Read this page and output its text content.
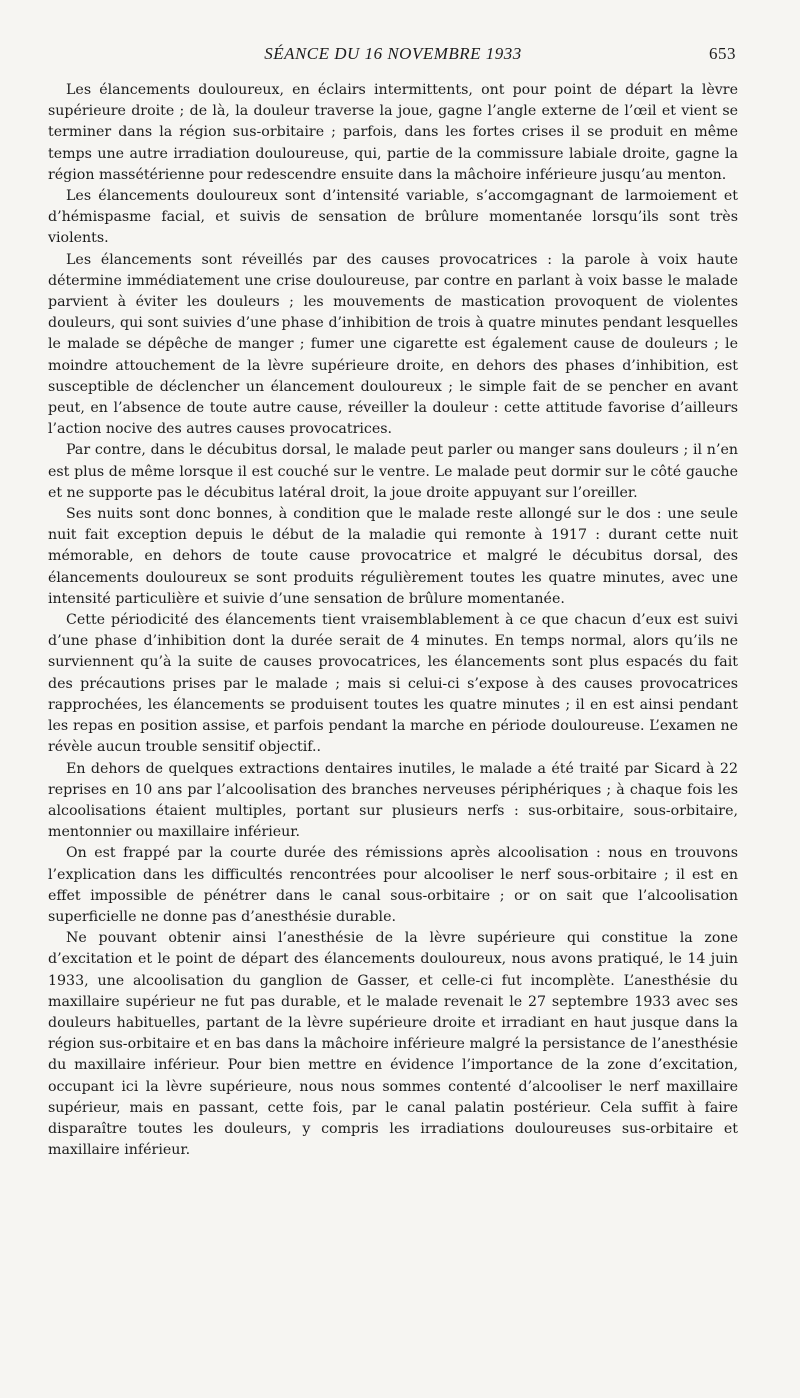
SÉANCE DU 16 NOVEMBRE 1933	653

Les élancements douloureux, en éclairs intermittents, ont pour point de départ la lèvre supérieure droite ; de là, la douleur traverse la joue, gagne l’angle externe de l’œil et vient se terminer dans la région sus-orbitaire ; parfois, dans les fortes crises il se produit en même temps une autre irradiation douloureuse, qui, partie de la commissure labiale droite, gagne la région massétérienne pour redescendre ensuite dans la mâchoire inférieure jusqu’au menton.

Les élancements douloureux sont d’intensité variable, s’accomgagnant de larmoiement et d’hémispasme facial, et suivis de sensation de brûlure momentanée lorsqu’ils sont très violents.

Les élancements sont réveillés par des causes provocatrices : la parole à voix haute détermine immédiatement une crise douloureuse, par contre en parlant à voix basse le malade parvient à éviter les douleurs ; les mouvements de mastication provoquent de violentes douleurs, qui sont suivies d’une phase d’inhibition de trois à quatre minutes pendant lesquelles le malade se dépêche de manger ; fumer une cigarette est également cause de douleurs ; le moindre attouchement de la lèvre supérieure droite, en dehors des phases d’inhibition, est susceptible de déclencher un élancement douloureux ; le simple fait de se pencher en avant peut, en l’absence de toute autre cause, réveiller la douleur : cette attitude favorise d’ailleurs l’action nocive des autres causes provocatrices.

Par contre, dans le décubitus dorsal, le malade peut parler ou manger sans douleurs ; il n’en est plus de même lorsque il est couché sur le ventre. Le malade peut dormir sur le côté gauche et ne supporte pas le décubitus latéral droit, la joue droite appuyant sur l’oreiller.

Ses nuits sont donc bonnes, à condition que le malade reste allongé sur le dos : une seule nuit fait exception depuis le début de la maladie qui remonte à 1917 : durant cette nuit mémorable, en dehors de toute cause provocatrice et malgré le décubitus dorsal, des élancements douloureux se sont produits régulièrement toutes les quatre minutes, avec une intensité particulière et suivie d’une sensation de brûlure momentanée.

Cette périodicité des élancements tient vraisemblablement à ce que chacun d’eux est suivi d’une phase d’inhibition dont la durée serait de 4 minutes. En temps normal, alors qu’ils ne surviennent qu’à la suite de causes provocatrices, les élancements sont plus espacés du fait des précautions prises par le malade ; mais si celui-ci s’expose à des causes provocatrices rapprochées, les élancements se produisent toutes les quatre minutes ; il en est ainsi pendant les repas en position assise, et parfois pendant la marche en période douloureuse. L’examen ne révèle aucun trouble sensitif objectif..

En dehors de quelques extractions dentaires inutiles, le malade a été traité par Sicard à 22 reprises en 10 ans par l’alcoolisation des branches nerveuses périphériques ; à chaque fois les alcoolisations étaient multiples, portant sur plusieurs nerfs : sus-orbitaire, sous-orbitaire, mentonnier ou maxillaire inférieur.

On est frappé par la courte durée des rémissions après alcoolisation : nous en trouvons l’explication dans les difficultés rencontrées pour alcooliser le nerf sous-orbitaire ; il est en effet impossible de pénétrer dans le canal sous-orbitaire ; or on sait que l’alcoolisation superficielle ne donne pas d’anesthésie durable.

Ne pouvant obtenir ainsi l’anesthésie de la lèvre supérieure qui constitue la zone d’excitation et le point de départ des élancements douloureux, nous avons pratiqué, le 14 juin 1933, une alcoolisation du ganglion de Gasser, et celle-ci fut incomplète. L’anesthésie du maxillaire supérieur ne fut pas durable, et le malade revenait le 27 septembre 1933 avec ses douleurs habituelles, partant de la lèvre supérieure droite et irradiant en haut jusque dans la région sus-orbitaire et en bas dans la mâchoire inférieure malgré la persistance de l’anesthésie du maxillaire inférieur. Pour bien mettre en évidence l’importance de la zone d’excitation, occupant ici la lèvre supérieure, nous nous sommes contenté d’alcooliser le nerf maxillaire supérieur, mais en passant, cette fois, par le canal palatin postérieur. Cela suffit à faire disparaître toutes les douleurs, y compris les irradiations douloureuses sus-orbitaire et maxillaire inférieur.
